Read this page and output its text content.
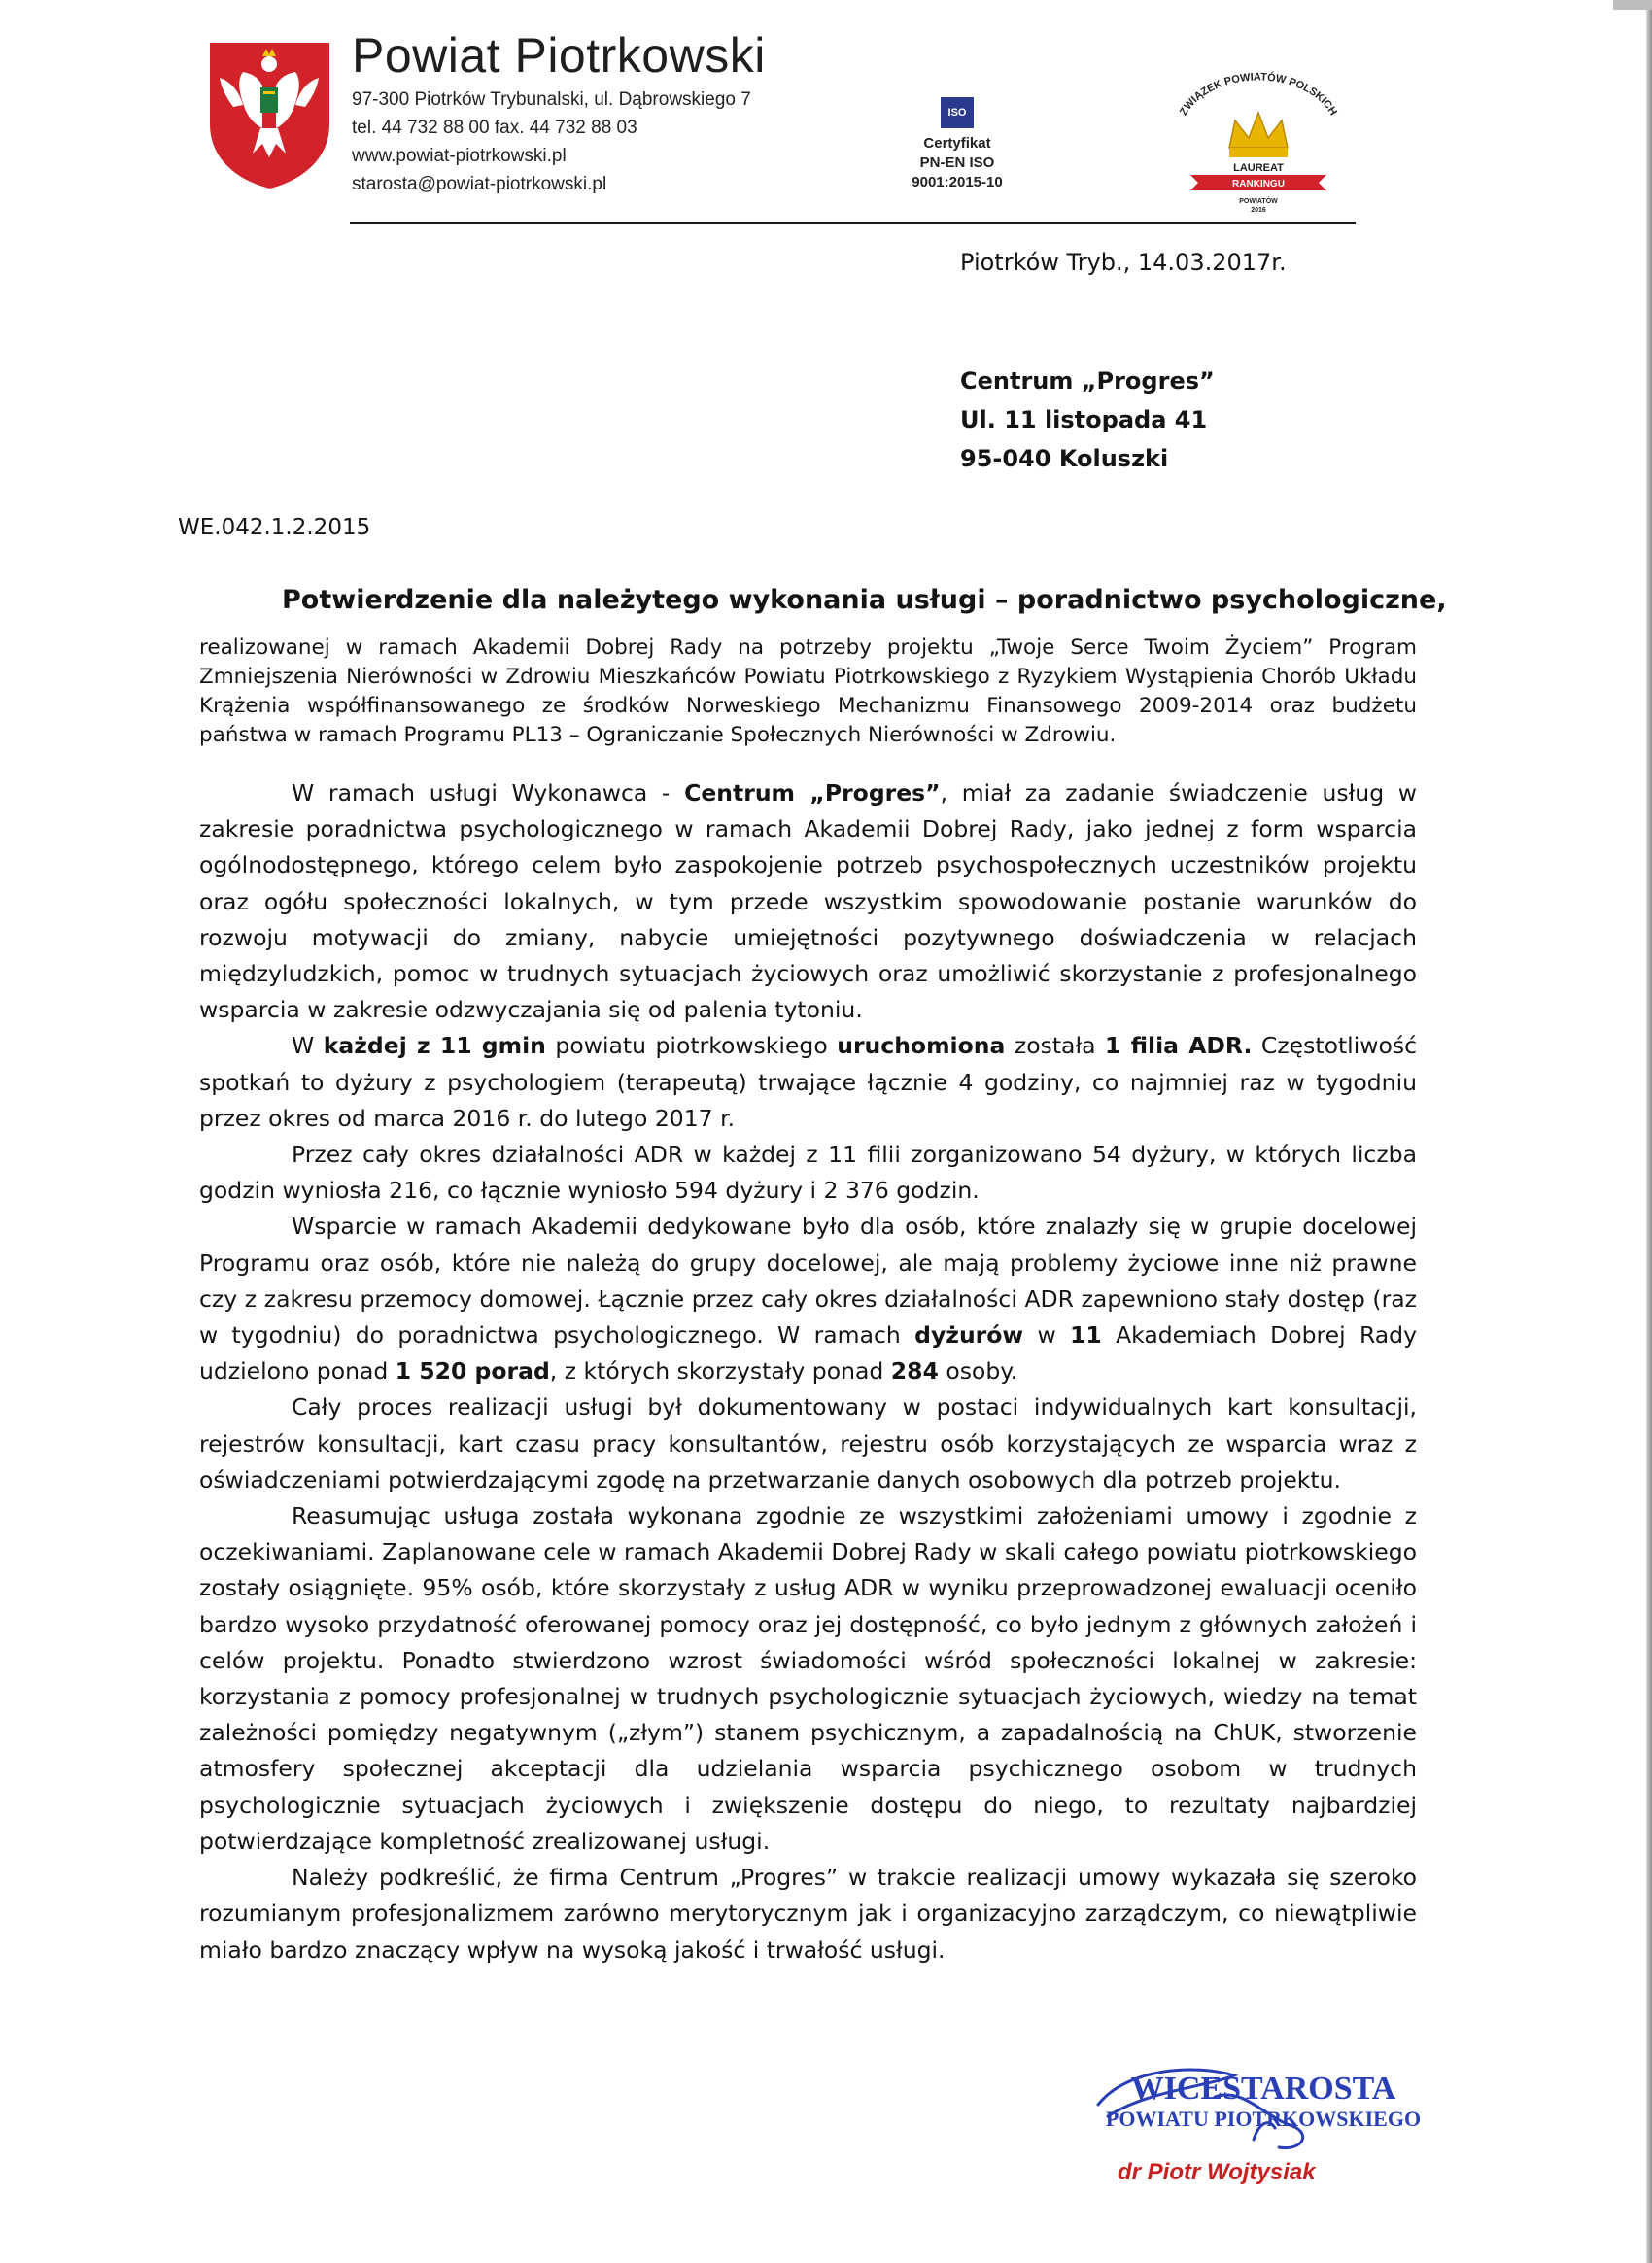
Powiat Piotrkowski
97-300 Piotrków Trybunalski, ul. Dąbrowskiego 7
tel. 44 732 88 00 fax. 44 732 88 03
www.powiat-piotrkowski.pl
starosta@powiat-piotrkowski.pl
ISO
Certyfikat
PN-EN ISO
9001:2015-10
ZWIĄZEK POWIATÓW POLSKICH
LAUREAT
RANKINGU
POWIATÓW
2016
Piotrków Tryb., 14.03.2017r.
Centrum „Progres”
Ul. 11 listopada 41
95-040 Koluszki
WE.042.1.2.2015
Potwierdzenie dla należytego wykonania usługi – poradnictwo psychologiczne,
realizowanej w ramach Akademii Dobrej Rady na potrzeby projektu „Twoje Serce Twoim Życiem” Program Zmniejszenia Nierówności w Zdrowiu Mieszkańców Powiatu Piotrkowskiego z Ryzykiem Wystąpienia Chorób Układu Krążenia współfinansowanego ze środków Norweskiego Mechanizmu Finansowego 2009-2014 oraz budżetu państwa w ramach Programu PL13 – Ograniczanie Społecznych Nierówności w Zdrowiu.

W ramach usługi Wykonawca - Centrum „Progres”, miał za zadanie świadczenie usług w zakresie poradnictwa psychologicznego w ramach Akademii Dobrej Rady, jako jednej z form wsparcia ogólnodostępnego, którego celem było zaspokojenie potrzeb psychospołecznych uczestników projektu oraz ogółu społeczności lokalnych, w tym przede wszystkim spowodowanie postanie warunków do rozwoju motywacji do zmiany, nabycie umiejętności pozytywnego doświadczenia w relacjach międzyludzkich, pomoc w trudnych sytuacjach życiowych oraz umożliwić skorzystanie z profesjonalnego wsparcia w zakresie odzwyczajania się od palenia tytoniu.

W każdej z 11 gmin powiatu piotrkowskiego uruchomiona została 1 filia ADR. Częstotliwość spotkań to dyżury z psychologiem (terapeutą) trwające łącznie 4 godziny, co najmniej raz w tygodniu przez okres od marca 2016 r. do lutego 2017 r.

Przez cały okres działalności ADR w każdej z 11 filii zorganizowano 54 dyżury, w których liczba godzin wyniosła 216, co łącznie wyniosło 594 dyżury i 2 376 godzin.

Wsparcie w ramach Akademii dedykowane było dla osób, które znalazły się w grupie docelowej Programu oraz osób, które nie należą do grupy docelowej, ale mają problemy życiowe inne niż prawne czy z zakresu przemocy domowej. Łącznie przez cały okres działalności ADR zapewniono stały dostęp (raz w tygodniu) do poradnictwa psychologicznego. W ramach dyżurów w 11 Akademiach Dobrej Rady udzielono ponad 1 520 porad, z których skorzystały ponad 284 osoby.

Cały proces realizacji usługi był dokumentowany w postaci indywidualnych kart konsultacji, rejestrów konsultacji, kart czasu pracy konsultantów, rejestru osób korzystających ze wsparcia wraz z oświadczeniami potwierdzającymi zgodę na przetwarzanie danych osobowych dla potrzeb projektu.

Reasumując usługa została wykonana zgodnie ze wszystkimi założeniami umowy i zgodnie z oczekiwaniami. Zaplanowane cele w ramach Akademii Dobrej Rady w skali całego powiatu piotrkowskiego zostały osiągnięte. 95% osób, które skorzystały z usług ADR w wyniku przeprowadzonej ewaluacji oceniło bardzo wysoko przydatność oferowanej pomocy oraz jej dostępność, co było jednym z głównych założeń i celów projektu. Ponadto stwierdzono wzrost świadomości wśród społeczności lokalnej w zakresie: korzystania z pomocy profesjonalnej w trudnych psychologicznie sytuacjach życiowych, wiedzy na temat zależności pomiędzy negatywnym („złym”) stanem psychicznym, a zapadalnością na ChUK, stworzenie atmosfery społecznej akceptacji dla udzielania wsparcia psychicznego osobom w trudnych psychologicznie sytuacjach życiowych i zwiększenie dostępu do niego, to rezultaty najbardziej potwierdzające kompletność zrealizowanej usługi.

Należy podkreślić, że firma Centrum „Progres” w trakcie realizacji umowy wykazała się szeroko rozumianym profesjonalizmem zarówno merytorycznym jak i organizacyjno zarządczym, co niewątpliwie miało bardzo znaczący wpływ na wysoką jakość i trwałość usługi.

WICESTAROSTA
POWIATU PIOTRKOWSKIEGO
dr Piotr Wojtysiak
